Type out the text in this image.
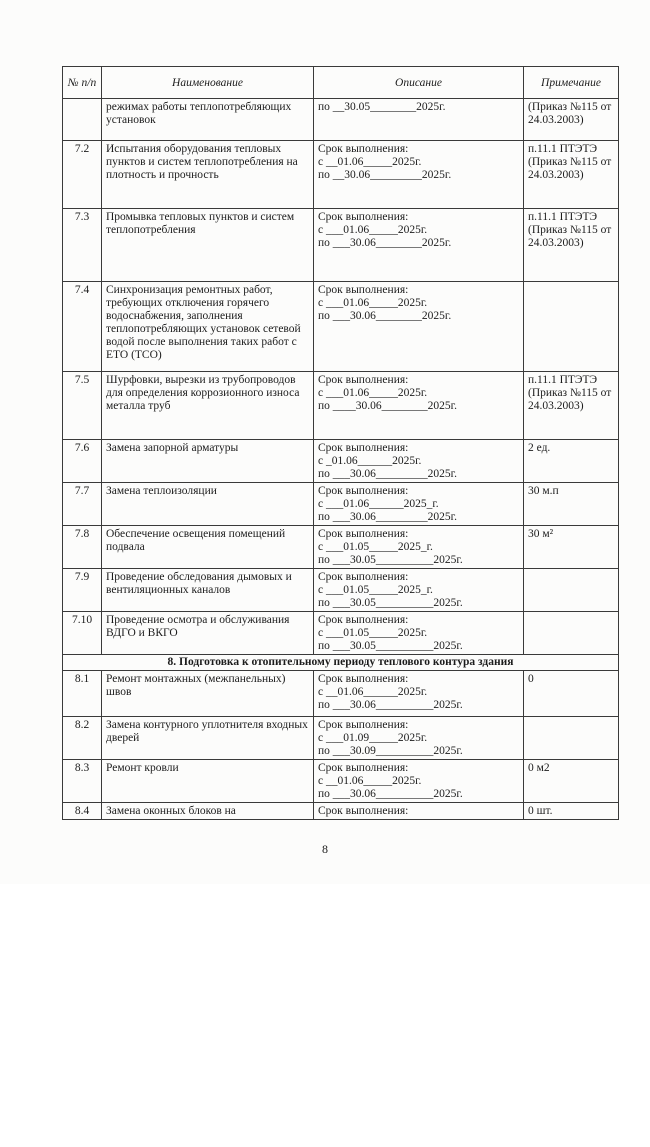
№ п/п	Наименование	Описание	Примечание
	режимах работы теплопотребляющих установок	по __30.05________2025г.	(Приказ №115 от 24.03.2003)
7.2	Испытания оборудования тепловых пунктов и систем теплопотребления на плотность и прочность	Срок выполнения:
с __01.06_____2025г.
по __30.06_________2025г.	п.11.1 ПТЭТЭ (Приказ №115 от 24.03.2003)
7.3	Промывка тепловых пунктов и систем теплопотребления	Срок выполнения:
с ___01.06_____2025г.
по ___30.06________2025г.	п.11.1 ПТЭТЭ (Приказ №115 от 24.03.2003)
7.4	Синхронизация ремонтных работ, требующих отключения горячего водоснабжения, заполнения теплопотребляющих установок сетевой водой после выполнения таких работ с ЕТО (ТСО)	Срок выполнения:
с ___01.06_____2025г.
по ___30.06________2025г.	

7.5	Шурфовки, вырезки из трубопроводов для определения коррозионного износа металла труб	Срок выполнения:
с ___01.06_____2025г.
по ____30.06________2025г.	п.11.1 ПТЭТЭ (Приказ №115 от 24.03.2003)
7.6	Замена запорной арматуры	Срок выполнения:
с _01.06______2025г.
по ___30.06_________2025г.	2 ед.
7.7	Замена теплоизоляции	Срок выполнения:
с ___01.06______2025_г.
по ___30.06_________2025г.	30 м.п
7.8	Обеспечение освещения помещений подвала	Срок выполнения:
с ___01.05_____2025_г.
по ___30.05__________2025г.	30 м²
7.9	Проведение обследования дымовых и вентиляционных каналов	Срок выполнения:
с ___01.05_____2025_г.
по ___30.05__________2025г.	

7.10	Проведение осмотра и обслуживания ВДГО и ВКГО	Срок выполнения:
с ___01.05_____2025г.
по ___30.05__________2025г.	

8. Подготовка к отопительному периоду теплового контура здания			
8.1	Ремонт монтажных (межпанельных) швов	Срок выполнения:
с __01.06______2025г.
по ___30.06__________2025г.	0
8.2	Замена контурного уплотнителя входных дверей	Срок выполнения:
с ___01.09_____2025г.
по ___30.09__________2025г.	

8.3	Ремонт кровли	Срок выполнения:
с __01.06_____2025г.
по ___30.06__________2025г.	0 м2
8.4	Замена оконных блоков на	Срок выполнения:	0 шт.
8
